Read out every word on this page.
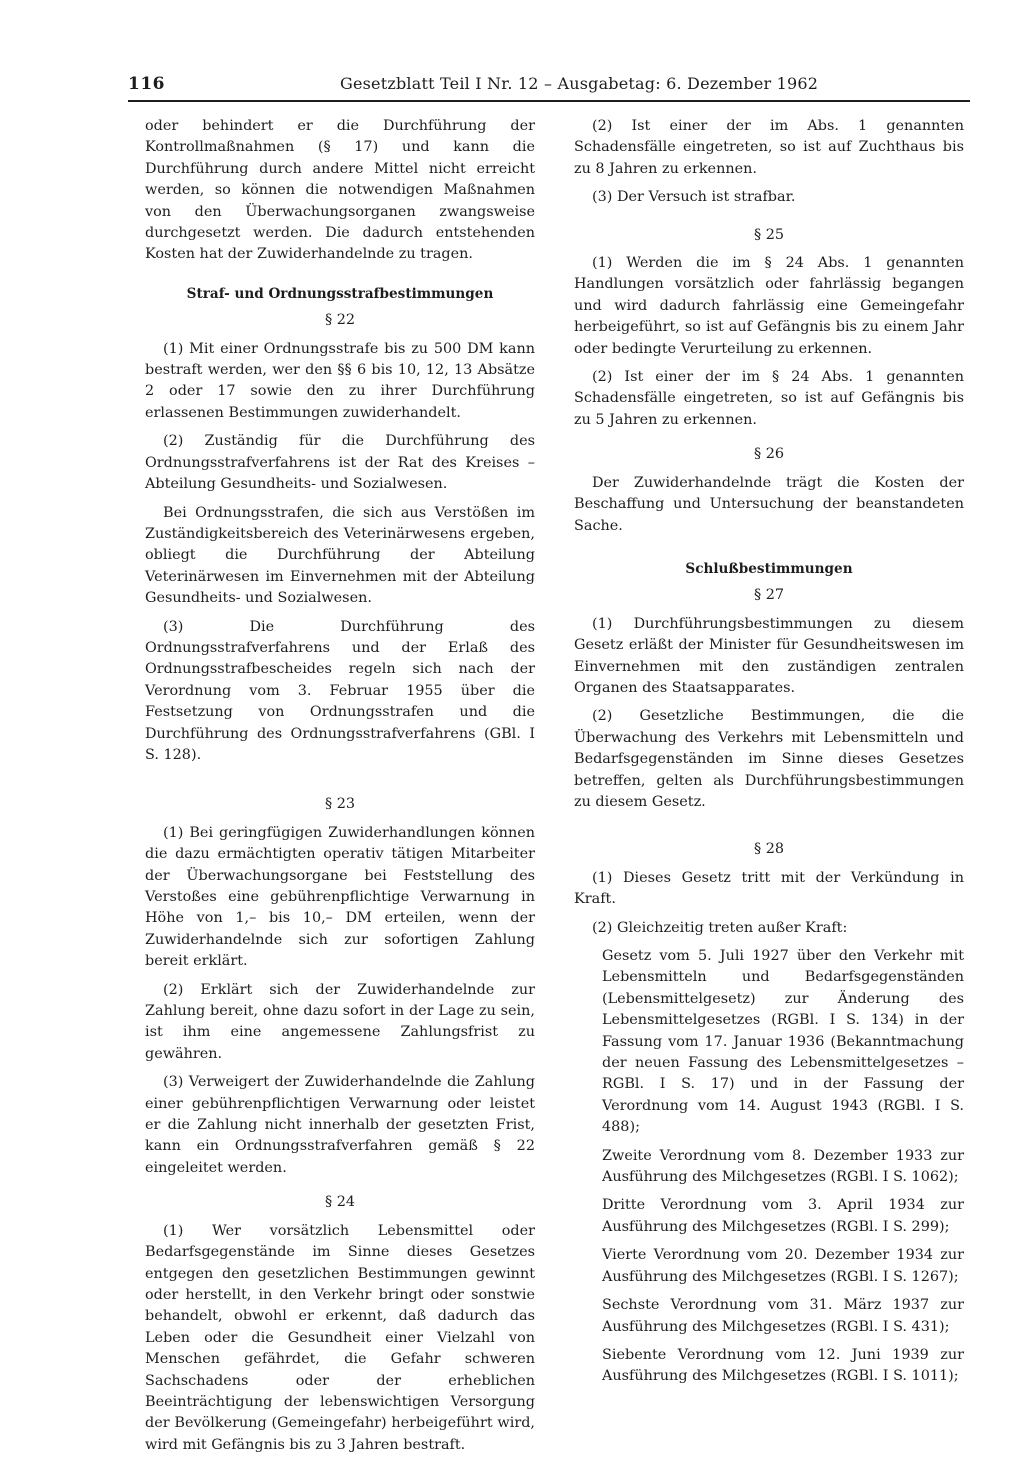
116	Gesetzblatt Teil I Nr. 12 – Ausgabetag: 6. Dezember 1962

oder behindert er die Durchführung der Kontrollmaßnahmen (§ 17) und kann die Durchführung durch andere Mittel nicht erreicht werden, so können die notwendigen Maßnahmen von den Überwachungsorganen zwangsweise durchgesetzt werden. Die dadurch entstehenden Kosten hat der Zuwiderhandelnde zu tragen.

Straf- und Ordnungsstrafbestimmungen
§ 22

(1) Mit einer Ordnungsstrafe bis zu 500 DM kann bestraft werden, wer den §§ 6 bis 10, 12, 13 Absätze 2 oder 17 sowie den zu ihrer Durchführung erlassenen Bestimmungen zuwiderhandelt.

(2) Zuständig für die Durchführung des Ordnungsstrafverfahrens ist der Rat des Kreises – Abteilung Gesundheits- und Sozialwesen.

Bei Ordnungsstrafen, die sich aus Verstößen im Zuständigkeitsbereich des Veterinärwesens ergeben, obliegt die Durchführung der Abteilung Veterinärwesen im Einvernehmen mit der Abteilung Gesundheits- und Sozialwesen.

(3) Die Durchführung des Ordnungsstrafverfahrens und der Erlaß des Ordnungsstrafbescheides regeln sich nach der Verordnung vom 3. Februar 1955 über die Festsetzung von Ordnungsstrafen und die Durchführung des Ordnungsstrafverfahrens (GBl. I S. 128).

§ 23

(1) Bei geringfügigen Zuwiderhandlungen können die dazu ermächtigten operativ tätigen Mitarbeiter der Überwachungsorgane bei Feststellung des Verstoßes eine gebührenpflichtige Verwarnung in Höhe von 1,– bis 10,– DM erteilen, wenn der Zuwiderhandelnde sich zur sofortigen Zahlung bereit erklärt.

(2) Erklärt sich der Zuwiderhandelnde zur Zahlung bereit, ohne dazu sofort in der Lage zu sein, ist ihm eine angemessene Zahlungsfrist zu gewähren.

(3) Verweigert der Zuwiderhandelnde die Zahlung einer gebührenpflichtigen Verwarnung oder leistet er die Zahlung nicht innerhalb der gesetzten Frist, kann ein Ordnungsstrafverfahren gemäß § 22 eingeleitet werden.

§ 24

(1) Wer vorsätzlich Lebensmittel oder Bedarfsgegenstände im Sinne dieses Gesetzes entgegen den gesetzlichen Bestimmungen gewinnt oder herstellt, in den Verkehr bringt oder sonstwie behandelt, obwohl er erkennt, daß dadurch das Leben oder die Gesundheit einer Vielzahl von Menschen gefährdet, die Gefahr schweren Sachschadens oder der erheblichen Beeinträchtigung der lebenswichtigen Versorgung der Bevölkerung (Gemeingefahr) herbeigeführt wird, wird mit Gefängnis bis zu 3 Jahren bestraft.

(2) Ist einer der im Abs. 1 genannten Schadensfälle eingetreten, so ist auf Zuchthaus bis zu 8 Jahren zu erkennen.

(3) Der Versuch ist strafbar.

§ 25

(1) Werden die im § 24 Abs. 1 genannten Handlungen vorsätzlich oder fahrlässig begangen und wird dadurch fahrlässig eine Gemeingefahr herbeigeführt, so ist auf Gefängnis bis zu einem Jahr oder bedingte Verurteilung zu erkennen.

(2) Ist einer der im § 24 Abs. 1 genannten Schadensfälle eingetreten, so ist auf Gefängnis bis zu 5 Jahren zu erkennen.

§ 26

Der Zuwiderhandelnde trägt die Kosten der Beschaffung und Untersuchung der beanstandeten Sache.

Schlußbestimmungen
§ 27

(1) Durchführungsbestimmungen zu diesem Gesetz erläßt der Minister für Gesundheitswesen im Einvernehmen mit den zuständigen zentralen Organen des Staatsapparates.

(2) Gesetzliche Bestimmungen, die die Überwachung des Verkehrs mit Lebensmitteln und Bedarfsgegenständen im Sinne dieses Gesetzes betreffen, gelten als Durchführungsbestimmungen zu diesem Gesetz.

§ 28

(1) Dieses Gesetz tritt mit der Verkündung in Kraft.

(2) Gleichzeitig treten außer Kraft:

Gesetz vom 5. Juli 1927 über den Verkehr mit Lebensmitteln und Bedarfsgegenständen (Lebensmittelgesetz) zur Änderung des Lebensmittelgesetzes (RGBl. I S. 134) in der Fassung vom 17. Januar 1936 (Bekanntmachung der neuen Fassung des Lebensmittelgesetzes – RGBl. I S. 17) und in der Fassung der Verordnung vom 14. August 1943 (RGBl. I S. 488);

Zweite Verordnung vom 8. Dezember 1933 zur Ausführung des Milchgesetzes (RGBl. I S. 1062);

Dritte Verordnung vom 3. April 1934 zur Ausführung des Milchgesetzes (RGBl. I S. 299);

Vierte Verordnung vom 20. Dezember 1934 zur Ausführung des Milchgesetzes (RGBl. I S. 1267);

Sechste Verordnung vom 31. März 1937 zur Ausführung des Milchgesetzes (RGBl. I S. 431);

Siebente Verordnung vom 12. Juni 1939 zur Ausführung des Milchgesetzes (RGBl. I S. 1011);
